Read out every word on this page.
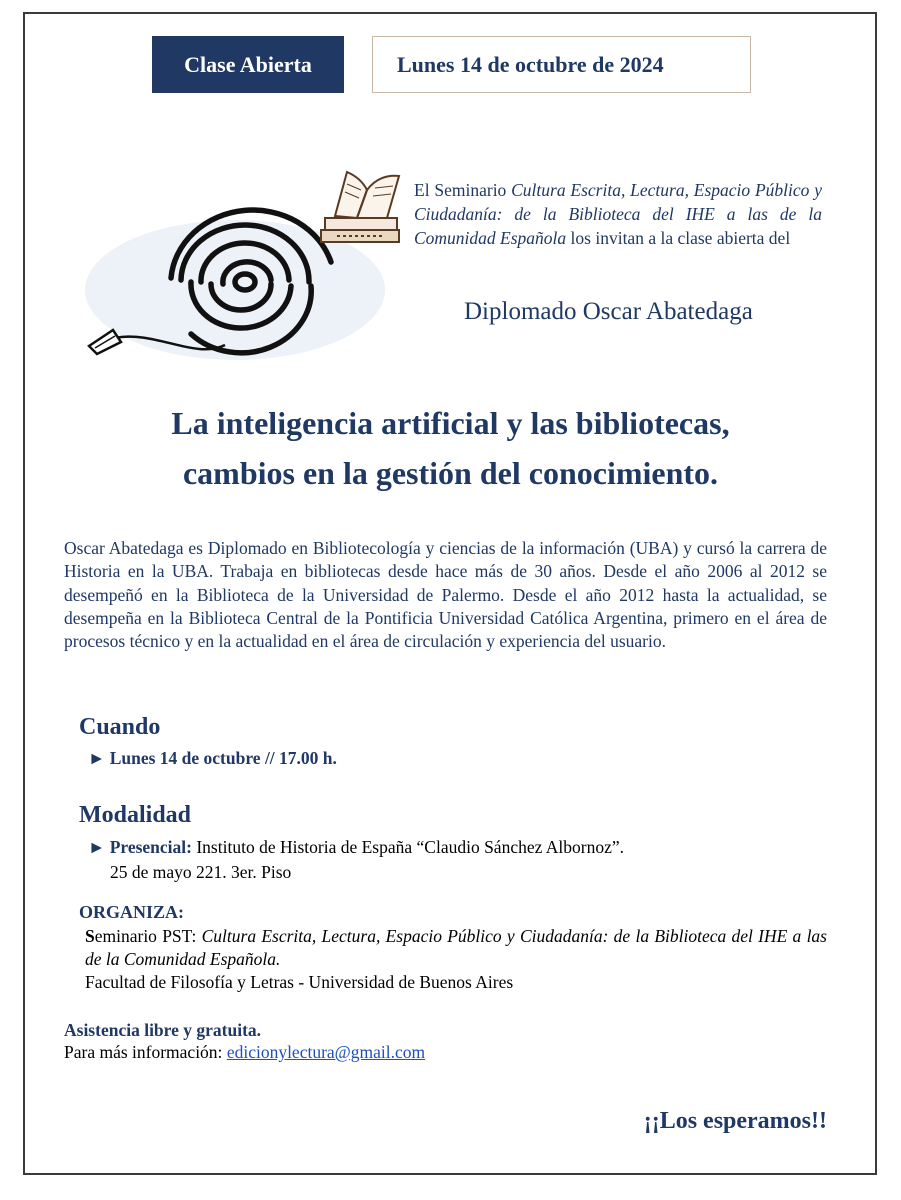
Clase Abierta	Lunes 14 de octubre de 2024
El Seminario Cultura Escrita, Lectura, Espacio Público y Ciudadanía: de la Biblioteca del IHE a las de la Comunidad Española los invitan a la clase abierta del
Diplomado Oscar Abatedaga
La inteligencia artificial y las bibliotecas,
cambios en la gestión del conocimiento.
Oscar Abatedaga es Diplomado en Bibliotecología y ciencias de la información (UBA) y cursó la carrera de Historia en la UBA. Trabaja en bibliotecas desde hace más de 30 años. Desde el año 2006 al 2012 se desempeñó en la Biblioteca de la Universidad de Palermo. Desde el año 2012 hasta la actualidad, se desempeña en la Biblioteca Central de la Pontificia Universidad Católica Argentina, primero en el área de procesos técnico y en la actualidad en el área de circulación y experiencia del usuario.
Cuando
► Lunes 14 de octubre // 17.00 h.
Modalidad
► Presencial: Instituto de Historia de España “Claudio Sánchez Albornoz”.
25 de mayo 221. 3er. Piso
ORGANIZA:
Seminario PST: Cultura Escrita, Lectura, Espacio Público y Ciudadanía: de la Biblioteca del IHE a las de la Comunidad Española.
Facultad de Filosofía y Letras - Universidad de Buenos Aires
Asistencia libre y gratuita.
Para más información: edicionylectura@gmail.com
¡¡Los esperamos!!
